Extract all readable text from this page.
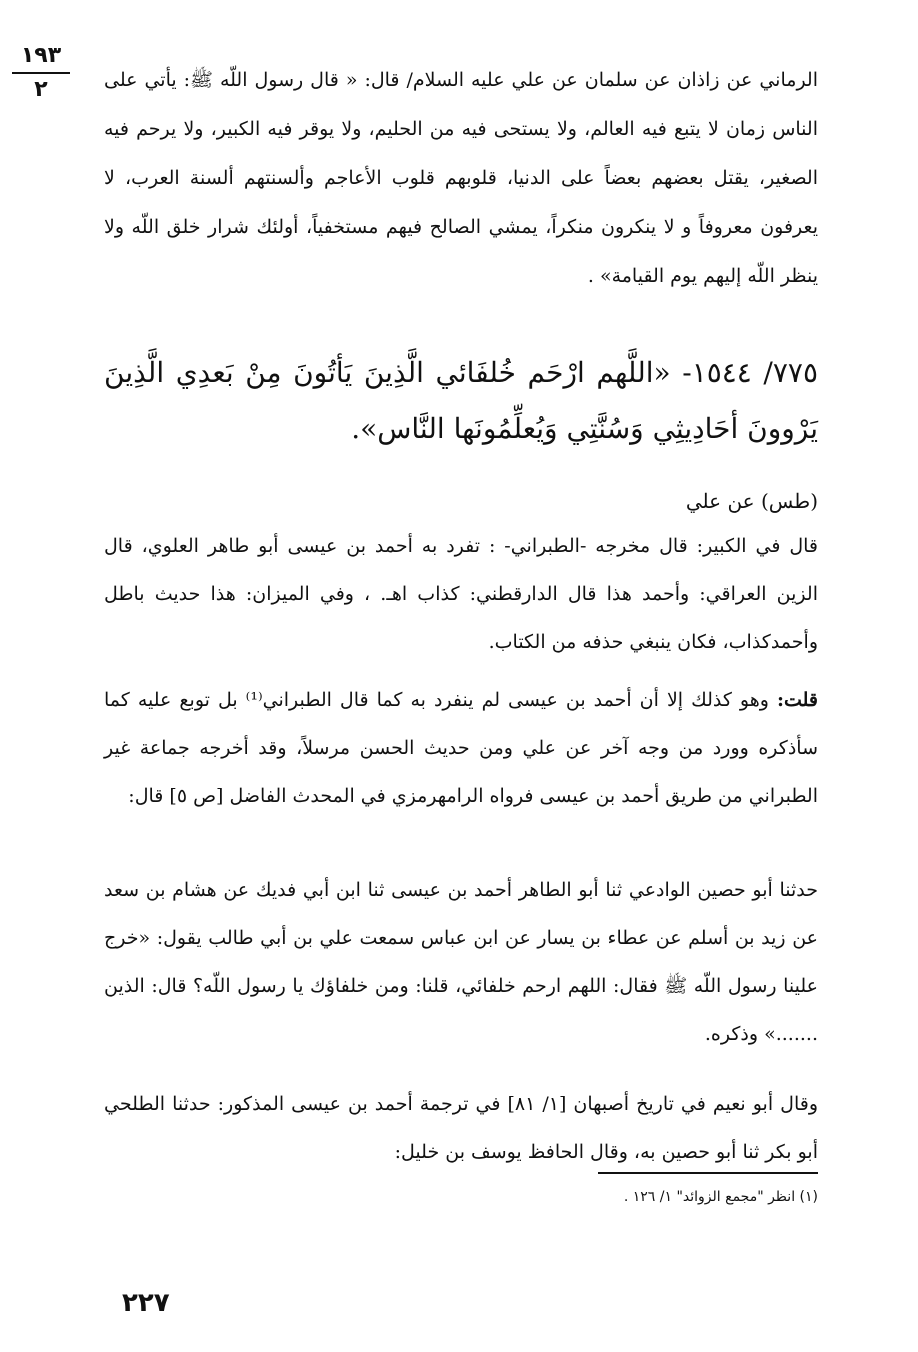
١٩٣
٢	الرماني عن زاذان عن سلمان عن علي عليه السلام/ قال: « قال رسول اللّه ﷺ: يأتي على الناس زمان لا يتبع فيه العالم، ولا يستحى فيه من الحليم، ولا يوقر فيه الكبير، ولا يرحم فيه الصغير، يقتل بعضهم بعضاً على الدنيا، قلوبهم قلوب الأعاجم وألسنتهم ألسنة العرب، لا يعرفون معروفاً و لا ينكرون منكراً، يمشي الصالح فيهم مستخفياً، أولئك شرار خلق اللّه ولا ينظر اللّه إليهم يوم القيامة» .

٧٧٥/ ١٥٤٤- «اللَّهم ارْحَم خُلفَائي الَّذِينَ يَأتُونَ مِنْ بَعدِي الَّذِينَ يَرْوونَ أحَادِيثِي وَسُنَّتِي وَيُعلِّمُونَها النَّاس».

(طس) عن علي

قال في الكبير: قال مخرجه -الطبراني- : تفرد به أحمد بن عيسى أبو طاهر العلوي، قال الزين العراقي: وأحمد هذا قال الدارقطني: كذاب اهـ. ، وفي الميزان: هذا حديث باطل وأحمدكذاب، فكان ينبغي حذفه من الكتاب.

قلت: وهو كذلك إلا أن أحمد بن عيسى لم ينفرد به كما قال الطبراني⁽¹⁾ بل توبع عليه كما سأذكره وورد من وجه آخر عن علي ومن حديث الحسن مرسلاً، وقد أخرجه جماعة غير الطبراني من طريق أحمد بن عيسى فرواه الرامهرمزي في المحدث الفاضل [ص ٥] قال:

حدثنا أبو حصين الوادعي ثنا أبو الطاهر أحمد بن عيسى ثنا ابن أبي فديك عن هشام بن سعد عن زيد بن أسلم عن عطاء بن يسار عن ابن عباس سمعت علي بن أبي طالب يقول: «خرج علينا رسول اللّه ﷺ فقال: اللهم ارحم خلفائي، قلنا: ومن خلفاؤك يا رسول اللّه؟ قال: الذين .......» وذكره.

وقال أبو نعيم في تاريخ أصبهان [١/ ٨١] في ترجمة أحمد بن عيسى المذكور: حدثنا الطلحي أبو بكر ثنا أبو حصين به، وقال الحافظ يوسف بن خليل:

(١) انظر "مجمع الزوائد" ١/ ١٢٦ .
٢٢٧
